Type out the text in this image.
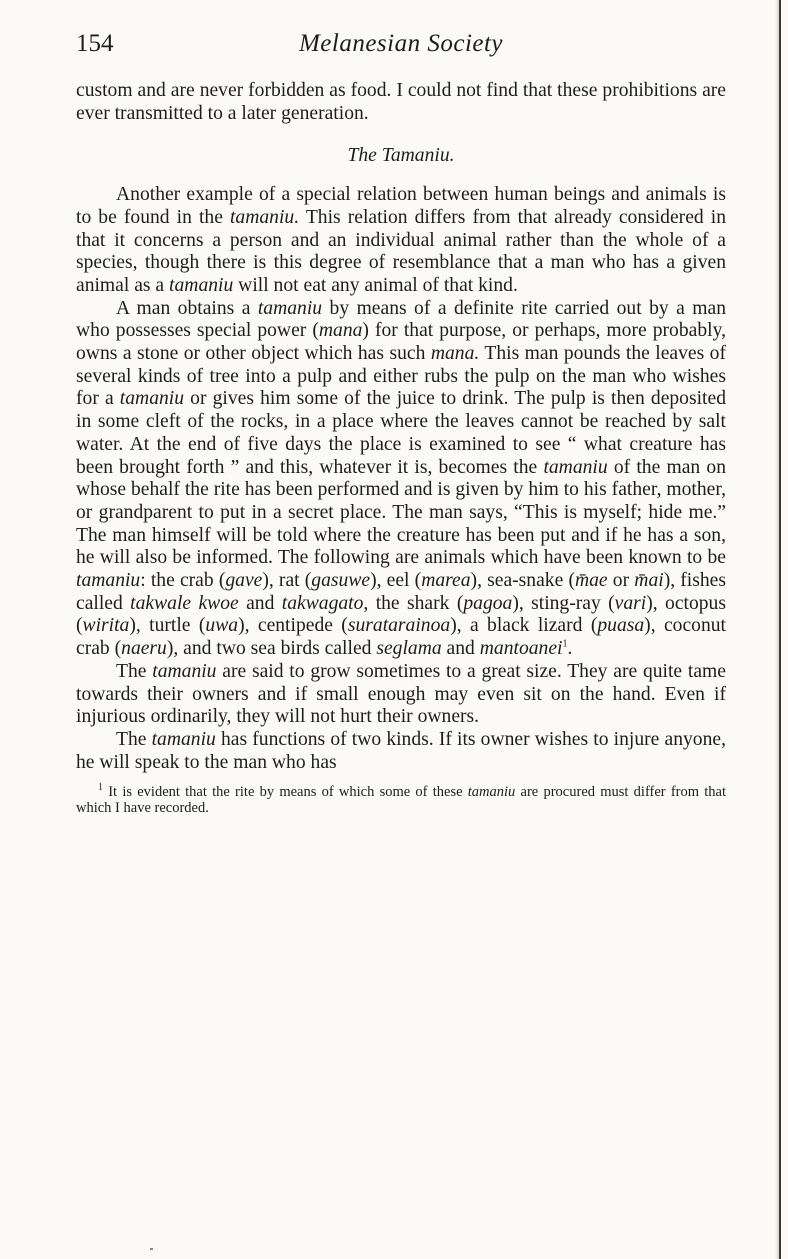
154	Melanesian Society

custom and are never forbidden as food. I could not find that these prohibitions are ever transmitted to a later generation.

The Tamaniu.

Another example of a special relation between human beings and animals is to be found in the tamaniu. This relation differs from that already considered in that it concerns a person and an individual animal rather than the whole of a species, though there is this degree of resemblance that a man who has a given animal as a tamaniu will not eat any animal of that kind.

A man obtains a tamaniu by means of a definite rite carried out by a man who possesses special power (mana) for that purpose, or perhaps, more probably, owns a stone or other object which has such mana. This man pounds the leaves of several kinds of tree into a pulp and either rubs the pulp on the man who wishes for a tamaniu or gives him some of the juice to drink. The pulp is then deposited in some cleft of the rocks, in a place where the leaves cannot be reached by salt water. At the end of five days the place is examined to see “ what creature has been brought forth ” and this, whatever it is, becomes the tamaniu of the man on whose behalf the rite has been performed and is given by him to his father, mother, or grandparent to put in a secret place. The man says, “This is myself; hide me.” The man himself will be told where the creature has been put and if he has a son, he will also be informed. The following are animals which have been known to be tamaniu: the crab (gave), rat (gasuwe), eel (marea), sea-snake (m̄ae or m̄ai), fishes called takwale kwoe and takwagato, the shark (pagoa), sting-ray (vari), octopus (wirita), turtle (uwa), centipede (suratarainoa), a black lizard (puasa), coconut crab (naeru), and two sea birds called seglama and mantoanei$^1$.

The tamaniu are said to grow sometimes to a great size. They are quite tame towards their owners and if small enough may even sit on the hand. Even if injurious ordinarily, they will not hurt their owners.

The tamaniu has functions of two kinds. If its owner wishes to injure anyone, he will speak to the man who has

$^1$ It is evident that the rite by means of which some of these tamaniu are procured must differ from that which I have recorded.
